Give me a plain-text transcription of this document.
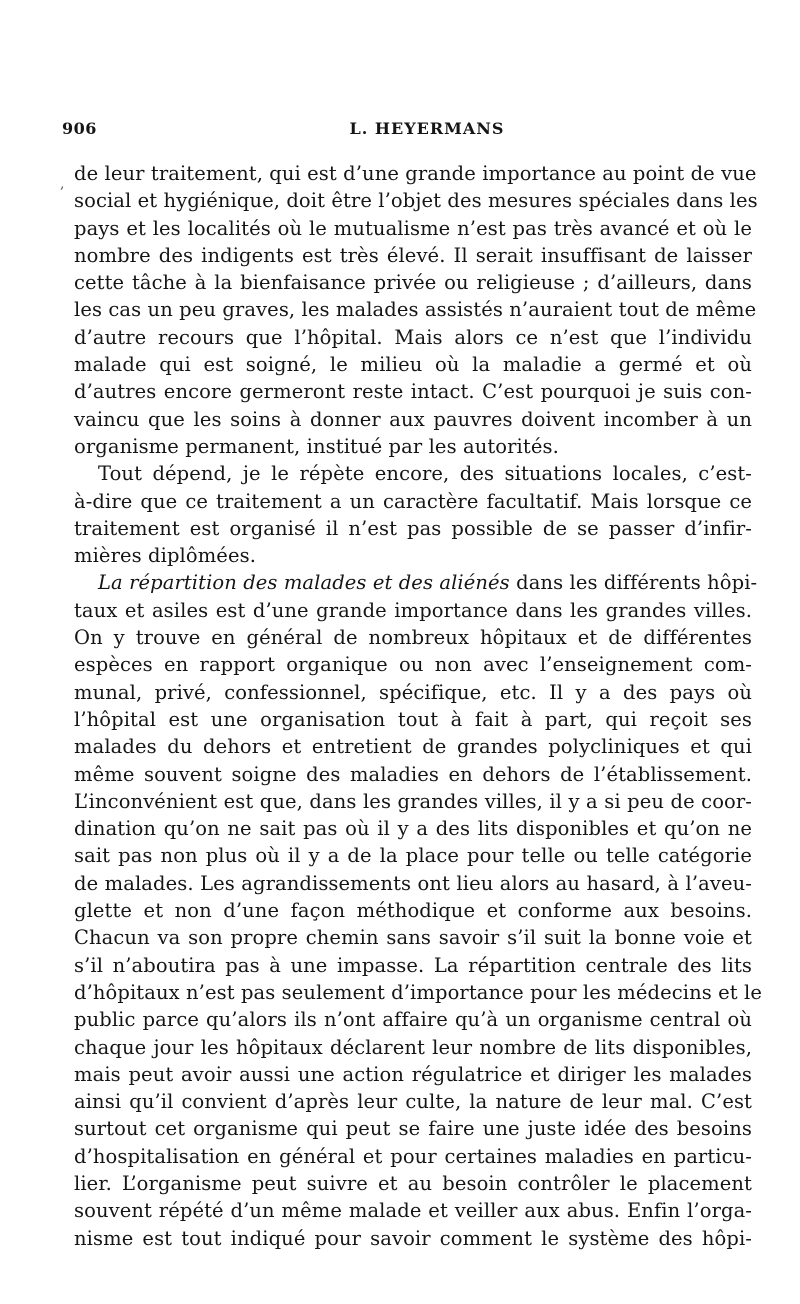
906	L. HEYERMANS
, de leur traitement, qui est d’une grande importance au point de vue
social et hygiénique, doit être l’objet des mesures spéciales dans les
pays et les localités où le mutualisme n’est pas très avancé et où le
nombre des indigents est très élevé. Il serait insuffisant de laisser
cette tâche à la bienfaisance privée ou religieuse ; d’ailleurs, dans
les cas un peu graves, les malades assistés n’auraient tout de même
d’autre recours que l’hôpital. Mais alors ce n’est que l’individu
malade qui est soigné, le milieu où la maladie a germé et où
d’autres encore germeront reste intact. C’est pourquoi je suis con-
vaincu que les soins à donner aux pauvres doivent incomber à un
organisme permanent, institué par les autorités.
Tout dépend, je le répète encore, des situations locales, c’est-
à-dire que ce traitement a un caractère facultatif. Mais lorsque ce
traitement est organisé il n’est pas possible de se passer d’infir-
mières diplômées.
La répartition des malades et des aliénés dans les différents hôpi-
taux et asiles est d’une grande importance dans les grandes villes.
On y trouve en général de nombreux hôpitaux et de différentes
espèces en rapport organique ou non avec l’enseignement com-
munal, privé, confessionnel, spécifique, etc. Il y a des pays où
l’hôpital est une organisation tout à fait à part, qui reçoit ses
malades du dehors et entretient de grandes polycliniques et qui
même souvent soigne des maladies en dehors de l’établissement.
L’inconvénient est que, dans les grandes villes, il y a si peu de coor-
dination qu’on ne sait pas où il y a des lits disponibles et qu’on ne
sait pas non plus où il y a de la place pour telle ou telle catégorie
de malades. Les agrandissements ont lieu alors au hasard, à l’aveu-
glette et non d’une façon méthodique et conforme aux besoins.
Chacun va son propre chemin sans savoir s’il suit la bonne voie et
s’il n’aboutira pas à une impasse. La répartition centrale des lits
d’hôpitaux n’est pas seulement d’importance pour les médecins et le
public parce qu’alors ils n’ont affaire qu’à un organisme central où
chaque jour les hôpitaux déclarent leur nombre de lits disponibles,
mais peut avoir aussi une action régulatrice et diriger les malades
ainsi qu’il convient d’après leur culte, la nature de leur mal. C’est
surtout cet organisme qui peut se faire une juste idée des besoins
d’hospitalisation en général et pour certaines maladies en particu-
lier. L’organisme peut suivre et au besoin contrôler le placement
souvent répété d’un même malade et veiller aux abus. Enfin l’orga-
nisme est tout indiqué pour savoir comment le système des hôpi-
